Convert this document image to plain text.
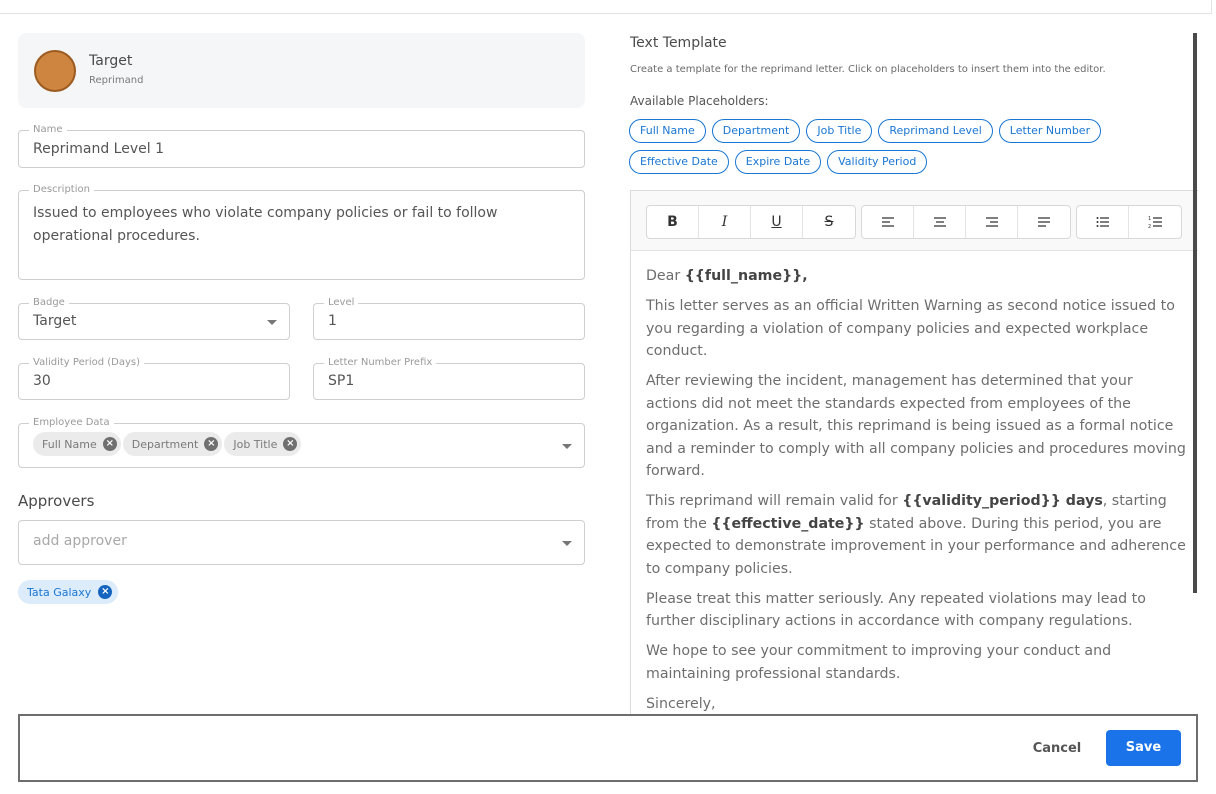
Target
Reprimand
Name
Reprimand Level 1
Description
Issued to employees who violate company policies or fail to follow operational procedures.
Badge
Target
Level
1
Validity Period (Days)
30
Letter Number Prefix
SP1
Employee Data
Full Name × Department × Job Title ×
Approvers
add approver
Tata Galaxy ×
Text Template
Create a template for the reprimand letter. Click on placeholders to insert them into the editor.
Available Placeholders:
Full Name	Department	Job Title	Reprimand Level	Letter Number
Effective Date	Expire Date	Validity Period
B	I	U	S	1
2

Dear {{full_name}},

This letter serves as an official Written Warning as second notice issued to you regarding a violation of company policies and expected workplace conduct.

After reviewing the incident, management has determined that your actions did not meet the standards expected from employees of the organization. As a result, this reprimand is being issued as a formal notice and a reminder to comply with all company policies and procedures moving forward.

This reprimand will remain valid for {{validity_period}} days, starting from the {{effective_date}} stated above. During this period, you are expected to demonstrate improvement in your performance and adherence to company policies.

Please treat this matter seriously. Any repeated violations may lead to further disciplinary actions in accordance with company regulations.

We hope to see your commitment to improving your conduct and maintaining professional standards.

Sincerely,

Cancel	Save
